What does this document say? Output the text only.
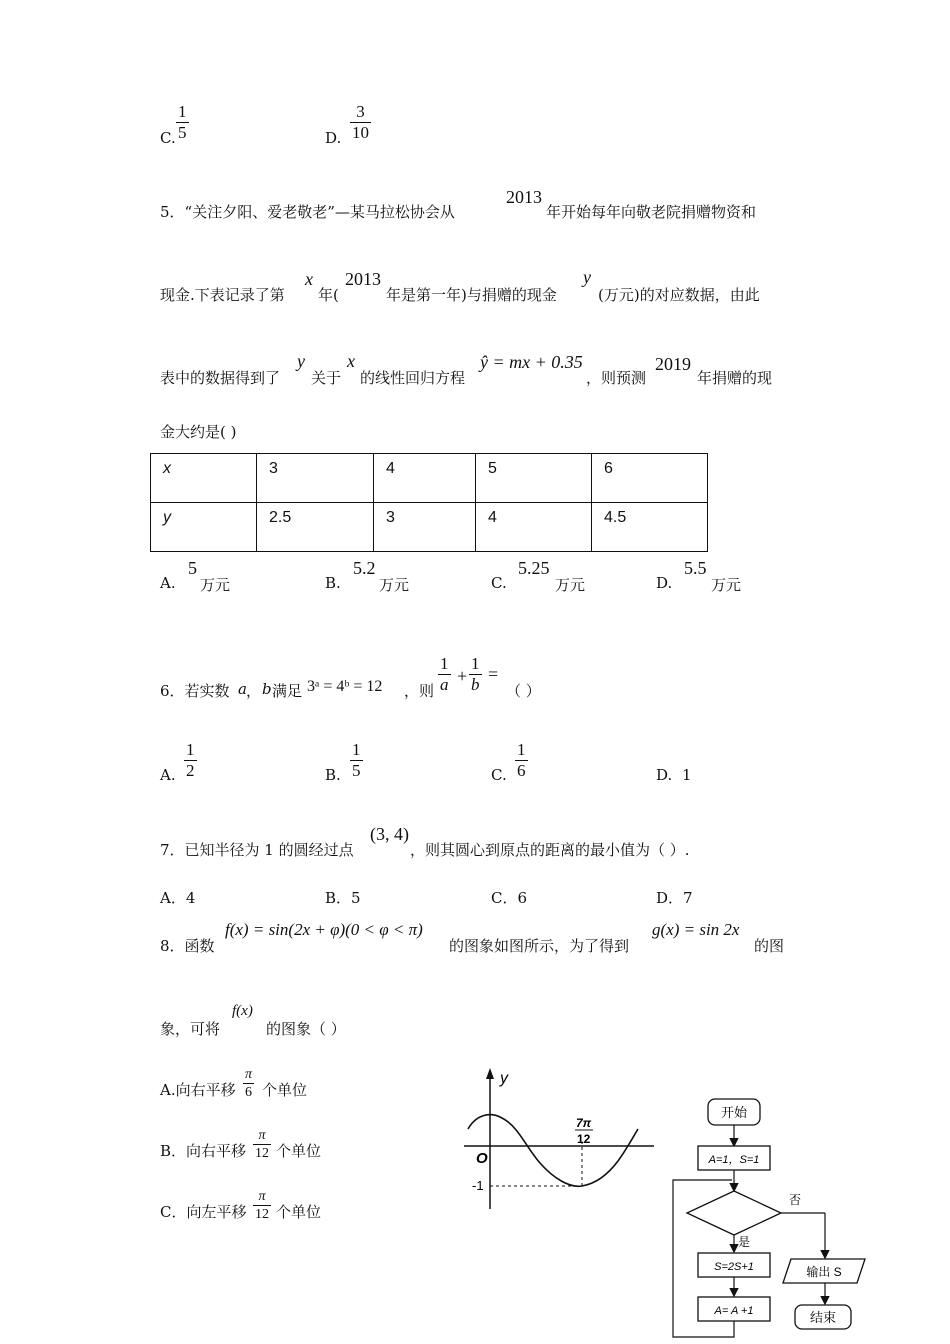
C. $\frac{1}{5}$	D. $\frac{3}{10}$
5．“关注夕阳、爱老敬老”—某马拉松协会从
2013
年开始每年向敬老院捐赠物资和
现金.下表记录了第
x
年(
2013
年是第一年)与捐赠的现金
y
(万元)的对应数据，由此
表中的数据得到了
y
关于
x
的线性回归方程
ŷ = mx + 0.35
，则预测
2019
年捐赠的现
金大约是( )
x	3	4	5	6
y	2.5	3	4	4.5
A.
5
万元	B.
5.2
万元	C.
5.25
万元	D.
5.5
万元
6．若实数 a ， b 满足 3ᵃ = 4ᵇ = 12 ，则 $\frac{1}{a} + \frac{1}{b}$ =
（ ）
A. $\frac{1}{2}$	B. $\frac{1}{5}$	C. $\frac{1}{6}$	D. 1
7．已知半径为 1 的圆经过点
(3, 4)
，则其圆心到原点的距离的最小值为（ ）.
A．4	B．5	C．6	D．7
8．函数
f(x) = sin(2x + φ)(0 < φ < π)
的图象如图所示，为了得到
g(x) = sin 2x
的图
象，可将
f(x)
的图象（ ）
A.向右平移 $\frac{\pi}{6}$ 个单位
B．向右平移 $\frac{\pi}{12}$ 个单位
C．向左平移 $\frac{\pi}{12}$ 个单位
y
O
7π
12
-1
开始
A=1，S=1
否
是
S=2S+1
A= A +1
输出 S
结束
